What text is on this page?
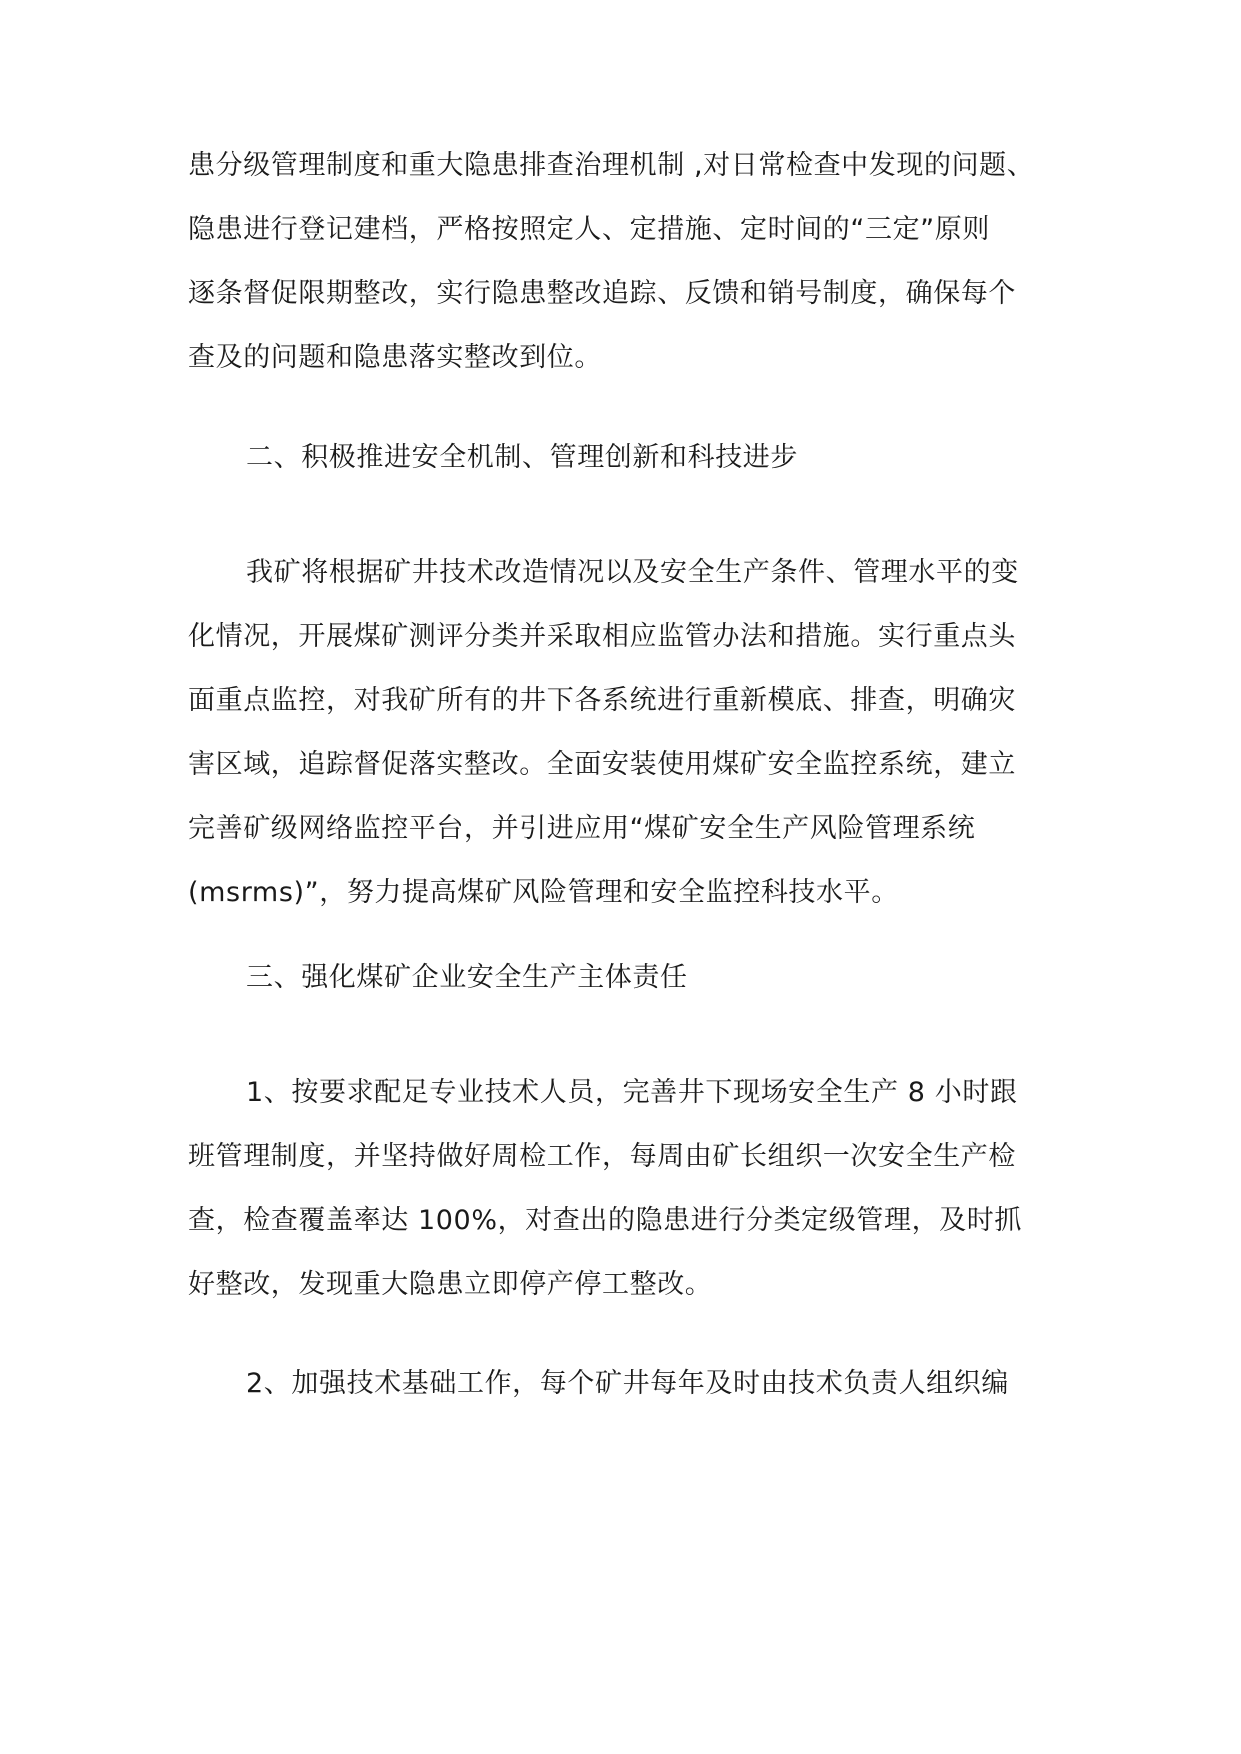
患分级管理制度和重大隐患排查治理机制 ,对日常检查中发现的问题、
隐患进行登记建档，严格按照定人、定措施、定时间的“三定”原则
逐条督促限期整改，实行隐患整改追踪、反馈和销号制度，确保每个
查及的问题和隐患落实整改到位。
二、积极推进安全机制、管理创新和科技进步
我矿将根据矿井技术改造情况以及安全生产条件、管理水平的变
化情况，开展煤矿测评分类并采取相应监管办法和措施。实行重点头
面重点监控，对我矿所有的井下各系统进行重新模底、排查，明确灾
害区域，追踪督促落实整改。全面安装使用煤矿安全监控系统，建立
完善矿级网络监控平台，并引进应用“煤矿安全生产风险管理系统
(msrms)”，努力提高煤矿风险管理和安全监控科技水平。
三、强化煤矿企业安全生产主体责任
1、按要求配足专业技术人员，完善井下现场安全生产 8 小时跟
班管理制度，并坚持做好周检工作，每周由矿长组织一次安全生产检
查，检查覆盖率达 100%，对查出的隐患进行分类定级管理，及时抓
好整改，发现重大隐患立即停产停工整改。
2、加强技术基础工作，每个矿井每年及时由技术负责人组织编
